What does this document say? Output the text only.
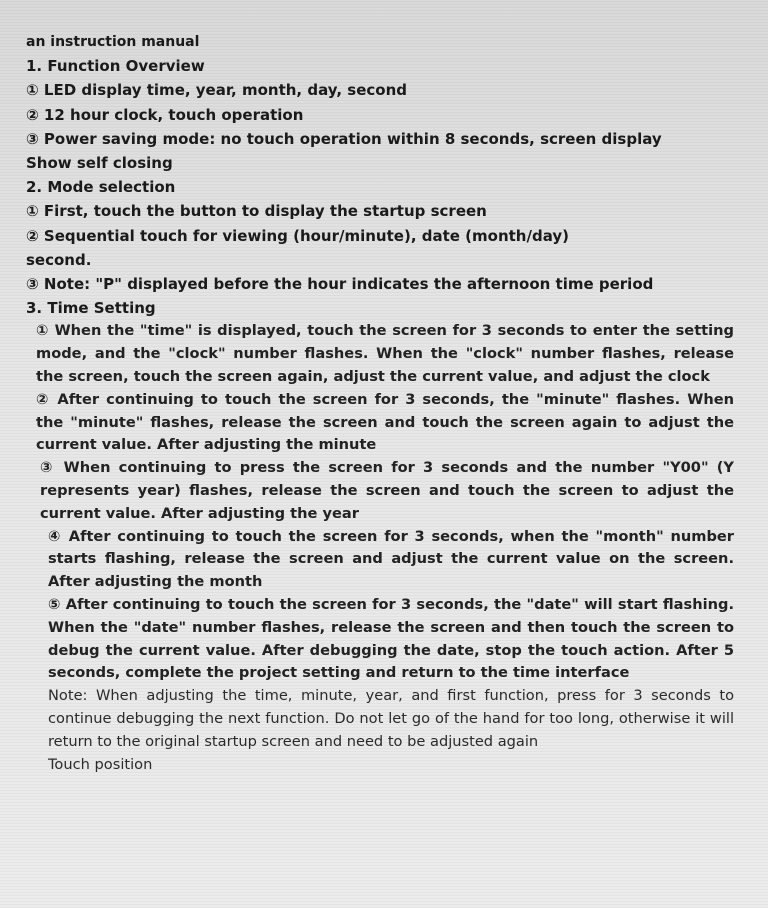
an instruction manual
1. Function Overview
① LED display time, year, month, day, second
② 12 hour clock, touch operation
③ Power saving mode: no touch operation within 8 seconds, screen display
Show self closing
2. Mode selection
① First, touch the button to display the startup screen
② Sequential touch for viewing (hour/minute), date (month/day)
second.
③ Note: "P" displayed before the hour indicates the afternoon time period
3. Time Setting
① When the "time" is displayed, touch the screen for 3 seconds to enter the setting mode, and the "clock" number flashes. When the "clock" number flashes, release the screen, touch the screen again, adjust the current value, and adjust the clock
② After continuing to touch the screen for 3 seconds, the "minute" flashes. When the "minute" flashes, release the screen and touch the screen again to adjust the current value. After adjusting the minute
③ When continuing to press the screen for 3 seconds and the number "Y00" (Y represents year) flashes, release the screen and touch the screen to adjust the current value. After adjusting the year
④ After continuing to touch the screen for 3 seconds, when the "month" number starts flashing, release the screen and adjust the current value on the screen. After adjusting the month
⑤ After continuing to touch the screen for 3 seconds, the "date" will start flashing. When the "date" number flashes, release the screen and then touch the screen to debug the current value. After debugging the date, stop the touch action. After 5 seconds, complete the project setting and return to the time interface
Note: When adjusting the time, minute, year, and first function, press for 3 seconds to continue debugging the next function. Do not let go of the hand for too long, otherwise it will return to the original startup screen and need to be adjusted again
Touch position
